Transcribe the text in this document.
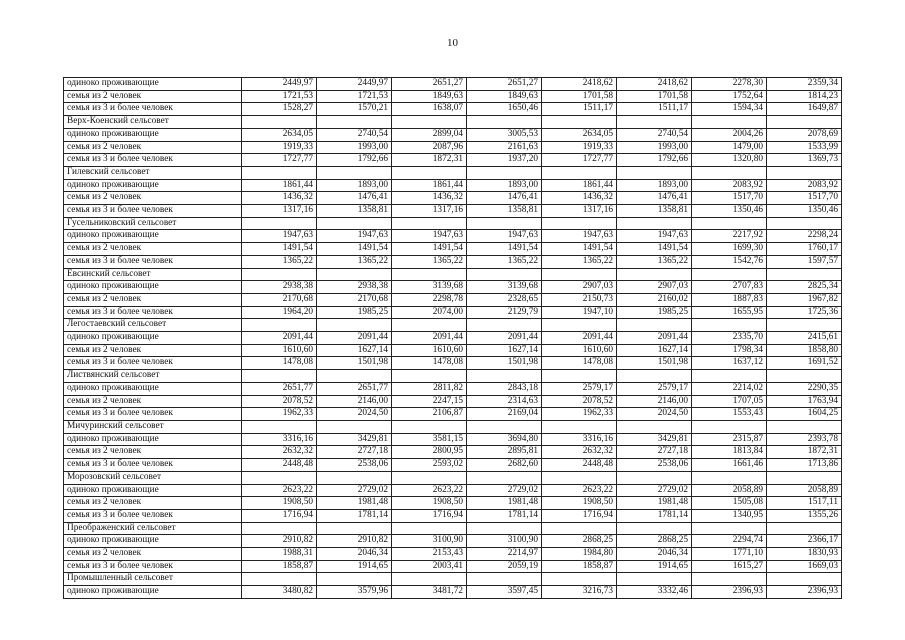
10
одиноко проживающие	2449,97	2449,97	2651,27	2651,27	2418,62	2418,62	2278,30	2359,34
семья из 2 человек	1721,53	1721,53	1849,63	1849,63	1701,58	1701,58	1752,64	1814,23
семья из 3 и более человек	1528,27	1570,21	1638,07	1650,46	1511,17	1511,17	1594,34	1649,87
Верх-Коенский сельсовет								
одиноко проживающие	2634,05	2740,54	2899,04	3005,53	2634,05	2740,54	2004,26	2078,69
семья из 2 человек	1919,33	1993,00	2087,96	2161,63	1919,33	1993,00	1479,00	1533,99
семья из 3 и более человек	1727,77	1792,66	1872,31	1937,20	1727,77	1792,66	1320,80	1369,73
Гилевский сельсовет								
одиноко проживающие	1861,44	1893,00	1861,44	1893,00	1861,44	1893,00	2083,92	2083,92
семья из 2 человек	1436,32	1476,41	1436,32	1476,41	1436,32	1476,41	1517,70	1517,70
семья из 3 и более человек	1317,16	1358,81	1317,16	1358,81	1317,16	1358,81	1350,46	1350,46
Гусельниковский сельсовет								
одиноко проживающие	1947,63	1947,63	1947,63	1947,63	1947,63	1947,63	2217,92	2298,24
семья из 2 человек	1491,54	1491,54	1491,54	1491,54	1491,54	1491,54	1699,30	1760,17
семья из 3 и более человек	1365,22	1365,22	1365,22	1365,22	1365,22	1365,22	1542,76	1597,57
Евсинский сельсовет								
одиноко проживающие	2938,38	2938,38	3139,68	3139,68	2907,03	2907,03	2707,83	2825,34
семья из 2 человек	2170,68	2170,68	2298,78	2328,65	2150,73	2160,02	1887,83	1967,82
семья из 3 и более человек	1964,20	1985,25	2074,00	2129,79	1947,10	1985,25	1655,95	1725,36
Легостаевский сельсовет								
одиноко проживающие	2091,44	2091,44	2091,44	2091,44	2091,44	2091,44	2335,70	2415,61
семья из 2 человек	1610,60	1627,14	1610,60	1627,14	1610,60	1627,14	1798,34	1858,80
семья из 3 и более человек	1478,08	1501,98	1478,08	1501,98	1478,08	1501,98	1637,12	1691,52
Листвянский сельсовет								
одиноко проживающие	2651,77	2651,77	2811,82	2843,18	2579,17	2579,17	2214,02	2290,35
семья из 2 человек	2078,52	2146,00	2247,15	2314,63	2078,52	2146,00	1707,05	1763,94
семья из 3 и более человек	1962,33	2024,50	2106,87	2169,04	1962,33	2024,50	1553,43	1604,25
Мичуринский сельсовет								
одиноко проживающие	3316,16	3429,81	3581,15	3694,80	3316,16	3429,81	2315,87	2393,78
семья из 2 человек	2632,32	2727,18	2800,95	2895,81	2632,32	2727,18	1813,84	1872,31
семья из 3 и более человек	2448,48	2538,06	2593,02	2682,60	2448,48	2538,06	1661,46	1713,86
Морозовский сельсовет								
одиноко проживающие	2623,22	2729,02	2623,22	2729,02	2623,22	2729,02	2058,89	2058,89
семья из 2 человек	1908,50	1981,48	1908,50	1981,48	1908,50	1981,48	1505,08	1517,11
семья из 3 и более человек	1716,94	1781,14	1716,94	1781,14	1716,94	1781,14	1340,95	1355,26
Преображенский сельсовет								
одиноко проживающие	2910,82	2910,82	3100,90	3100,90	2868,25	2868,25	2294,74	2366,17
семья из 2 человек	1988,31	2046,34	2153,43	2214,97	1984,80	2046,34	1771,10	1830,93
семья из 3 и более человек	1858,87	1914,65	2003,41	2059,19	1858,87	1914,65	1615,27	1669,03
Промышленный сельсовет								
одиноко проживающие	3480,82	3579,96	3481,72	3597,45	3216,73	3332,46	2396,93	2396,93
